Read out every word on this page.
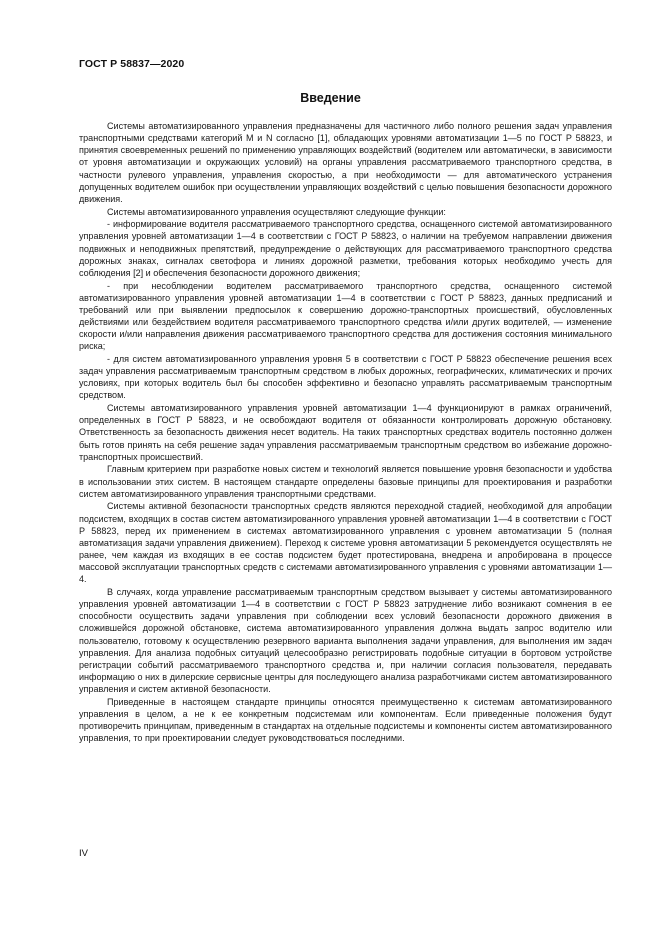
ГОСТ Р 58837—2020
Введение

Системы автоматизированного управления предназначены для частичного либо полного решения задач управления транспортными средствами категорий M и N согласно [1], обладающих уровнями автоматизации 1—5 по ГОСТ Р 58823, и принятия своевременных решений по применению управляющих воздействий (водителем или автоматически, в зависимости от уровня автоматизации и окружающих условий) на органы управления рассматриваемого транспортного средства, в частности рулевого управления, управления скоростью, а при необходимости — для автоматического устранения допущенных водителем ошибок при осуществлении управляющих воздействий с целью повышения безопасности дорожного движения.

Системы автоматизированного управления осуществляют следующие функции:

- информирование водителя рассматриваемого транспортного средства, оснащенного системой автоматизированного управления уровней автоматизации 1—4 в соответствии с ГОСТ Р 58823, о наличии на требуемом направлении движения подвижных и неподвижных препятствий, предупреждение о действующих для рассматриваемого транспортного средства дорожных знаках, сигналах светофора и линиях дорожной разметки, требования которых необходимо учесть для соблюдения [2] и обеспечения безопасности дорожного движения;

- при несоблюдении водителем рассматриваемого транспортного средства, оснащенного системой автоматизированного управления уровней автоматизации 1—4 в соответствии с ГОСТ Р 58823, данных предписаний и требований или при выявлении предпосылок к совершению дорожно-транспортных происшествий, обусловленных действиями или бездействием водителя рассматриваемого транспортного средства и/или других водителей, — изменение скорости и/или направления движения рассматриваемого транспортного средства для достижения состояния минимального риска;

- для систем автоматизированного управления уровня 5 в соответствии с ГОСТ Р 58823 обеспечение решения всех задач управления рассматриваемым транспортным средством в любых дорожных, географических, климатических и прочих условиях, при которых водитель был бы способен эффективно и безопасно управлять рассматриваемым транспортным средством.

Системы автоматизированного управления уровней автоматизации 1—4 функционируют в рамках ограничений, определенных в ГОСТ Р 58823, и не освобождают водителя от обязанности контролировать дорожную обстановку. Ответственность за безопасность движения несет водитель. На таких транспортных средствах водитель постоянно должен быть готов принять на себя решение задач управления рассматриваемым транспортным средством во избежание дорожно-транспортных происшествий.

Главным критерием при разработке новых систем и технологий является повышение уровня безопасности и удобства в использовании этих систем. В настоящем стандарте определены базовые принципы для проектирования и разработки систем автоматизированного управления транспортными средствами.

Системы активной безопасности транспортных средств являются переходной стадией, необходимой для апробации подсистем, входящих в состав систем автоматизированного управления уровней автоматизации 1—4 в соответствии с ГОСТ Р 58823, перед их применением в системах автоматизированного управления с уровнем автоматизации 5 (полная автоматизация задачи управления движением). Переход к системе уровня автоматизации 5 рекомендуется осуществлять не ранее, чем каждая из входящих в ее состав подсистем будет протестирована, внедрена и апробирована в процессе массовой эксплуатации транспортных средств с системами автоматизированного управления с уровнями автоматизации 1—4.

В случаях, когда управление рассматриваемым транспортным средством вызывает у системы автоматизированного управления уровней автоматизации 1—4 в соответствии с ГОСТ Р 58823 затруднение либо возникают сомнения в ее способности осуществить задачи управления при соблюдении всех условий безопасности дорожного движения в сложившейся дорожной обстановке, система автоматизированного управления должна выдать запрос водителю или пользователю, готовому к осуществлению резервного варианта выполнения задачи управления, для выполнения им задач управления. Для анализа подобных ситуаций целесообразно регистрировать подобные ситуации в бортовом устройстве регистрации событий рассматриваемого транспортного средства и, при наличии согласия пользователя, передавать информацию о них в дилерские сервисные центры для последующего анализа разработчиками систем автоматизированного управления и систем активной безопасности.

Приведенные в настоящем стандарте принципы относятся преимущественно к системам автоматизированного управления в целом, а не к ее конкретным подсистемам или компонентам. Если приведенные положения будут противоречить принципам, приведенным в стандартах на отдельные подсистемы и компоненты систем автоматизированного управления, то при проектировании следует руководствоваться последними.

IV
